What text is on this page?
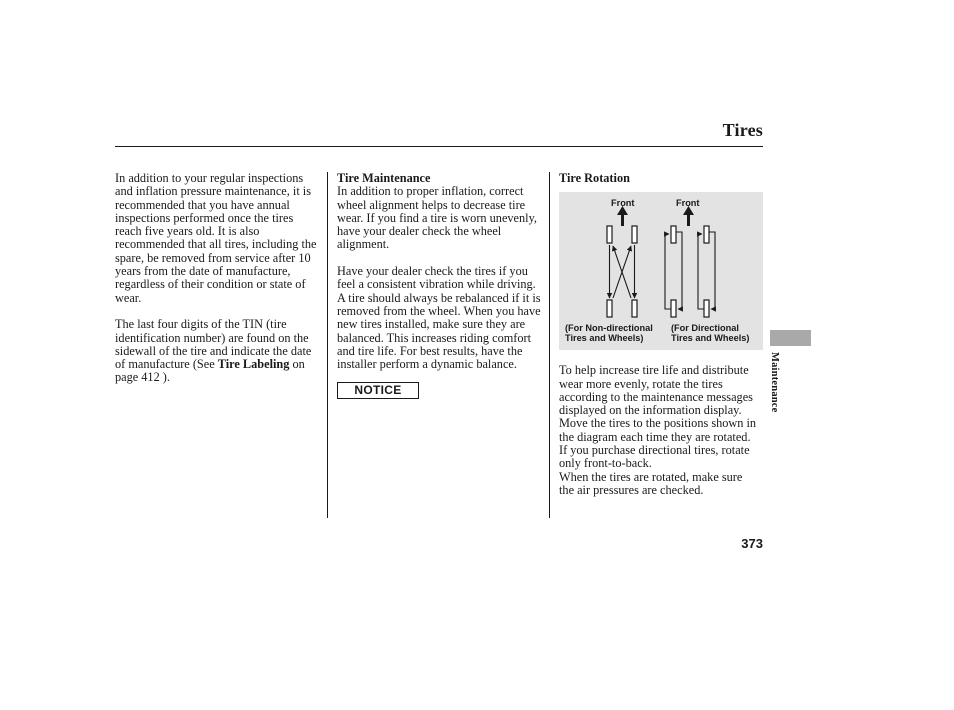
Tires

In addition to your regular inspections and inflation pressure maintenance, it is recommended that you have annual inspections performed once the tires reach five years old. It is also recommended that all tires, including the spare, be removed from service after 10 years from the date of manufacture, regardless of their condition or state of wear.

The last four digits of the TIN (tire identification number) are found on the sidewall of the tire and indicate the date of manufacture (See Tire Labeling on page 412 ).

Tire Maintenance

In addition to proper inflation, correct wheel alignment helps to decrease tire wear. If you find a tire is worn unevenly, have your dealer check the wheel alignment.

Have your dealer check the tires if you feel a consistent vibration while driving. A tire should always be rebalanced if it is removed from the wheel. When you have new tires installed, make sure they are balanced. This increases riding comfort and tire life. For best results, have the installer perform a dynamic balance.

NOTICE

Tire Rotation

Front	Front
(For Non-directional
Tires and Wheels)
(For Directional
Tires and Wheels)

To help increase tire life and distribute wear more evenly, rotate the tires according to the maintenance messages displayed on the information display. Move the tires to the positions shown in the diagram each time they are rotated. If you purchase directional tires, rotate only front-to-back.

When the tires are rotated, make sure the air pressures are checked.

Maintenance
373
